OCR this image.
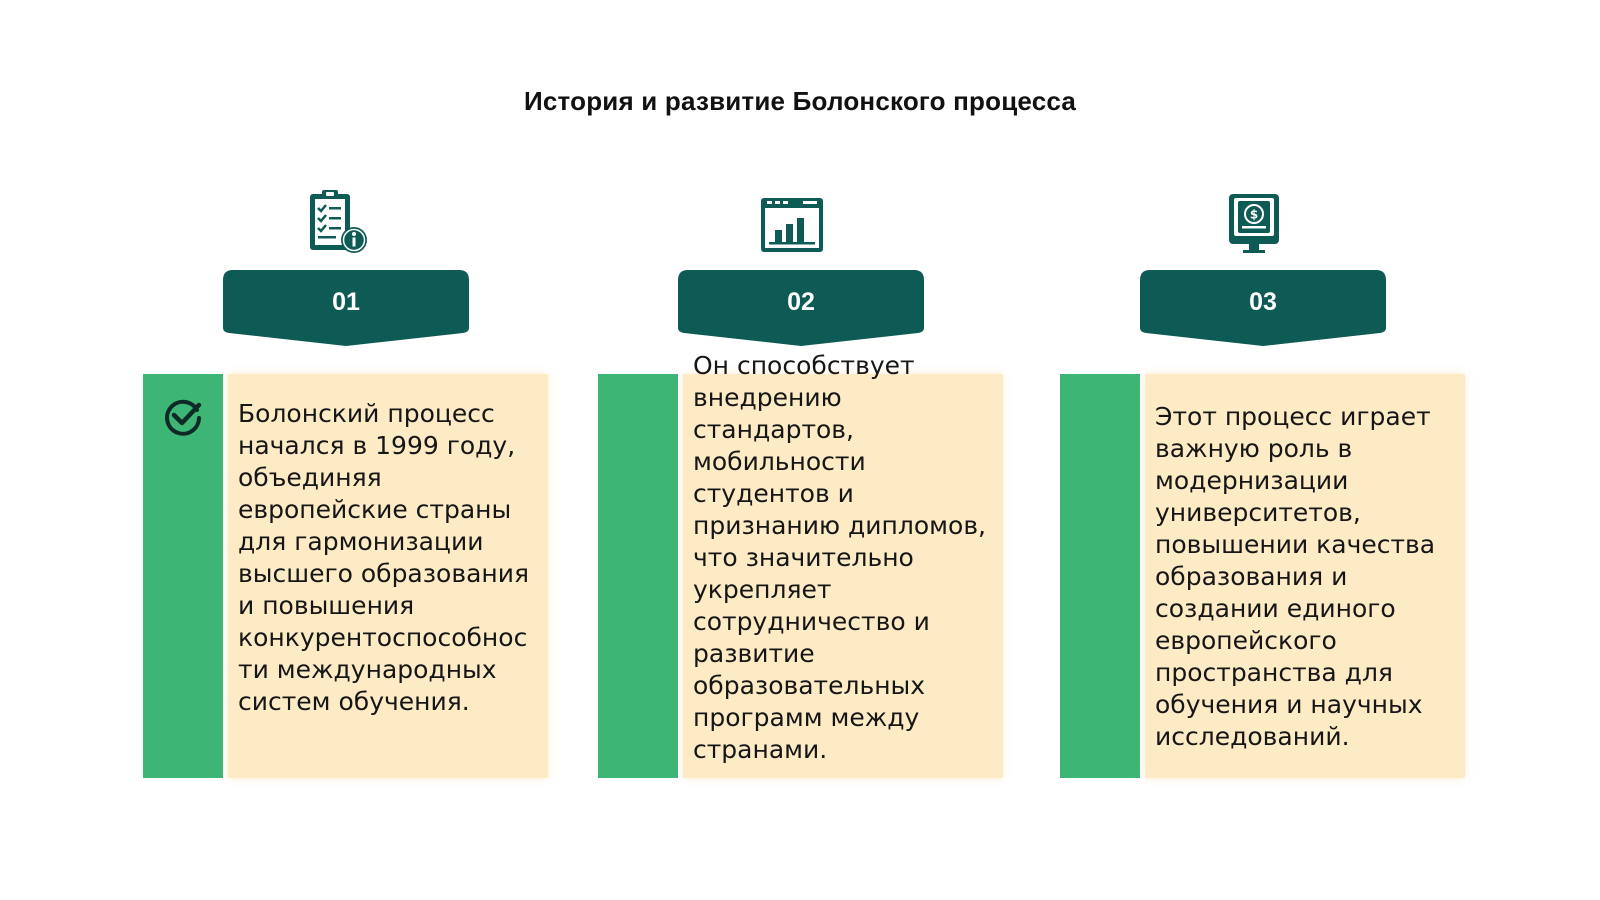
История и развитие Болонского процесса
01
Болонский процесс начался в 1999 году, объединяя европейские страны для гармонизации высшего образования и повышения конкурентоспособнос ти международных систем обучения.
02
Он способствует внедрению стандартов, мобильности студентов и признанию дипломов, что значительно укрепляет сотрудничество и развитие образовательных программ между странами.
$
03
Этот процесс играет важную роль в модернизации университетов, повышении качества образования и создании единого европейского пространства для обучения и научных исследований.
